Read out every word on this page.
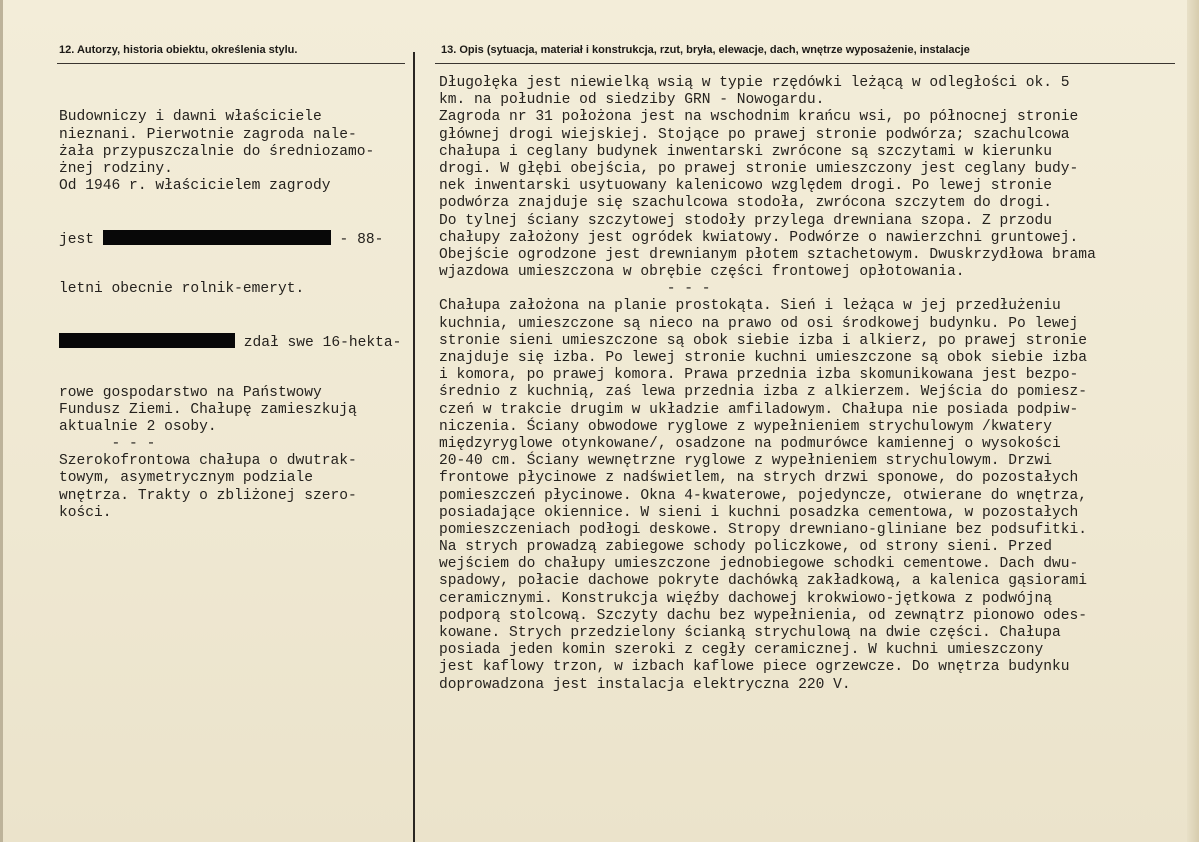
12. Autorzy, historia obiektu, określenia stylu.	13. Opis (sytuacja, materiał i konstrukcja, rzut, bryła, elewacje, dach, wnętrze wyposażenie, instalacje

Budowniczy i dawni właściciele
nieznani. Pierwotnie zagroda nale-
żała przypuszczalnie do średniozamo-
żnej rodziny.
Od 1946 r. właścicielem zagrody

jest	- 88-

letni obecnie rolnik-emeryt.

zdał swe 16-hekta-

rowe gospodarstwo na Państwowy
Fundusz Ziemi. Chałupę zamieszkują
aktualnie 2 osoby.
- - -
Szerokofrontowa chałupa o dwutrak-
towym, asymetrycznym podziale
wnętrza. Trakty o zbliżonej szero-
kości.

Długołęka jest niewielką wsią w typie rzędówki leżącą w odległości ok. 5
km. na południe od siedziby GRN - Nowogardu.
Zagroda nr 31 położona jest na wschodnim krańcu wsi, po północnej stronie
głównej drogi wiejskiej. Stojące po prawej stronie podwórza; szachulcowa
chałupa i ceglany budynek inwentarski zwrócone są szczytami w kierunku
drogi. W głębi obejścia, po prawej stronie umieszczony jest ceglany budy-
nek inwentarski usytuowany kalenicowo względem drogi. Po lewej stronie
podwórza znajduje się szachulcowa stodoła, zwrócona szczytem do drogi.
Do tylnej ściany szczytowej stodoły przylega drewniana szopa. Z przodu
chałupy założony jest ogródek kwiatowy. Podwórze o nawierzchni gruntowej.
Obejście ogrodzone jest drewnianym płotem sztachetowym. Dwuskrzydłowa brama
wjazdowa umieszczona w obrębie części frontowej opłotowania.
- - -
Chałupa założona na planie prostokąta. Sień i leżąca w jej przedłużeniu
kuchnia, umieszczone są nieco na prawo od osi środkowej budynku. Po lewej
stronie sieni umieszczone są obok siebie izba i alkierz, po prawej stronie
znajduje się izba. Po lewej stronie kuchni umieszczone są obok siebie izba
i komora, po prawej komora. Prawa przednia izba skomunikowana jest bezpo-
średnio z kuchnią, zaś lewa przednia izba z alkierzem. Wejścia do pomiesz-
czeń w trakcie drugim w układzie amfiladowym. Chałupa nie posiada podpiw-
niczenia. Ściany obwodowe ryglowe z wypełnieniem strychulowym /kwatery
międzyryglowe otynkowane/, osadzone na podmurówce kamiennej o wysokości
20-40 cm. Ściany wewnętrzne ryglowe z wypełnieniem strychulowym. Drzwi
frontowe płycinowe z nadświetlem, na strych drzwi sponowe, do pozostałych
pomieszczeń płycinowe. Okna 4-kwaterowe, pojedyncze, otwierane do wnętrza,
posiadające okiennice. W sieni i kuchni posadzka cementowa, w pozostałych
pomieszczeniach podłogi deskowe. Stropy drewniano-gliniane bez podsufitki.
Na strych prowadzą zabiegowe schody policzkowe, od strony sieni. Przed
wejściem do chałupy umieszczone jednobiegowe schodki cementowe. Dach dwu-
spadowy, połacie dachowe pokryte dachówką zakładkową, a kalenica gąsiorami
ceramicznymi. Konstrukcja więźby dachowej krokwiowo-jętkowa z podwójną
podporą stolcową. Szczyty dachu bez wypełnienia, od zewnątrz pionowo odes-
kowane. Strych przedzielony ścianką strychulową na dwie części. Chałupa
posiada jeden komin szeroki z cegły ceramicznej. W kuchni umieszczony
jest kaflowy trzon, w izbach kaflowe piece ogrzewcze. Do wnętrza budynku
doprowadzona jest instalacja elektryczna 220 V.
